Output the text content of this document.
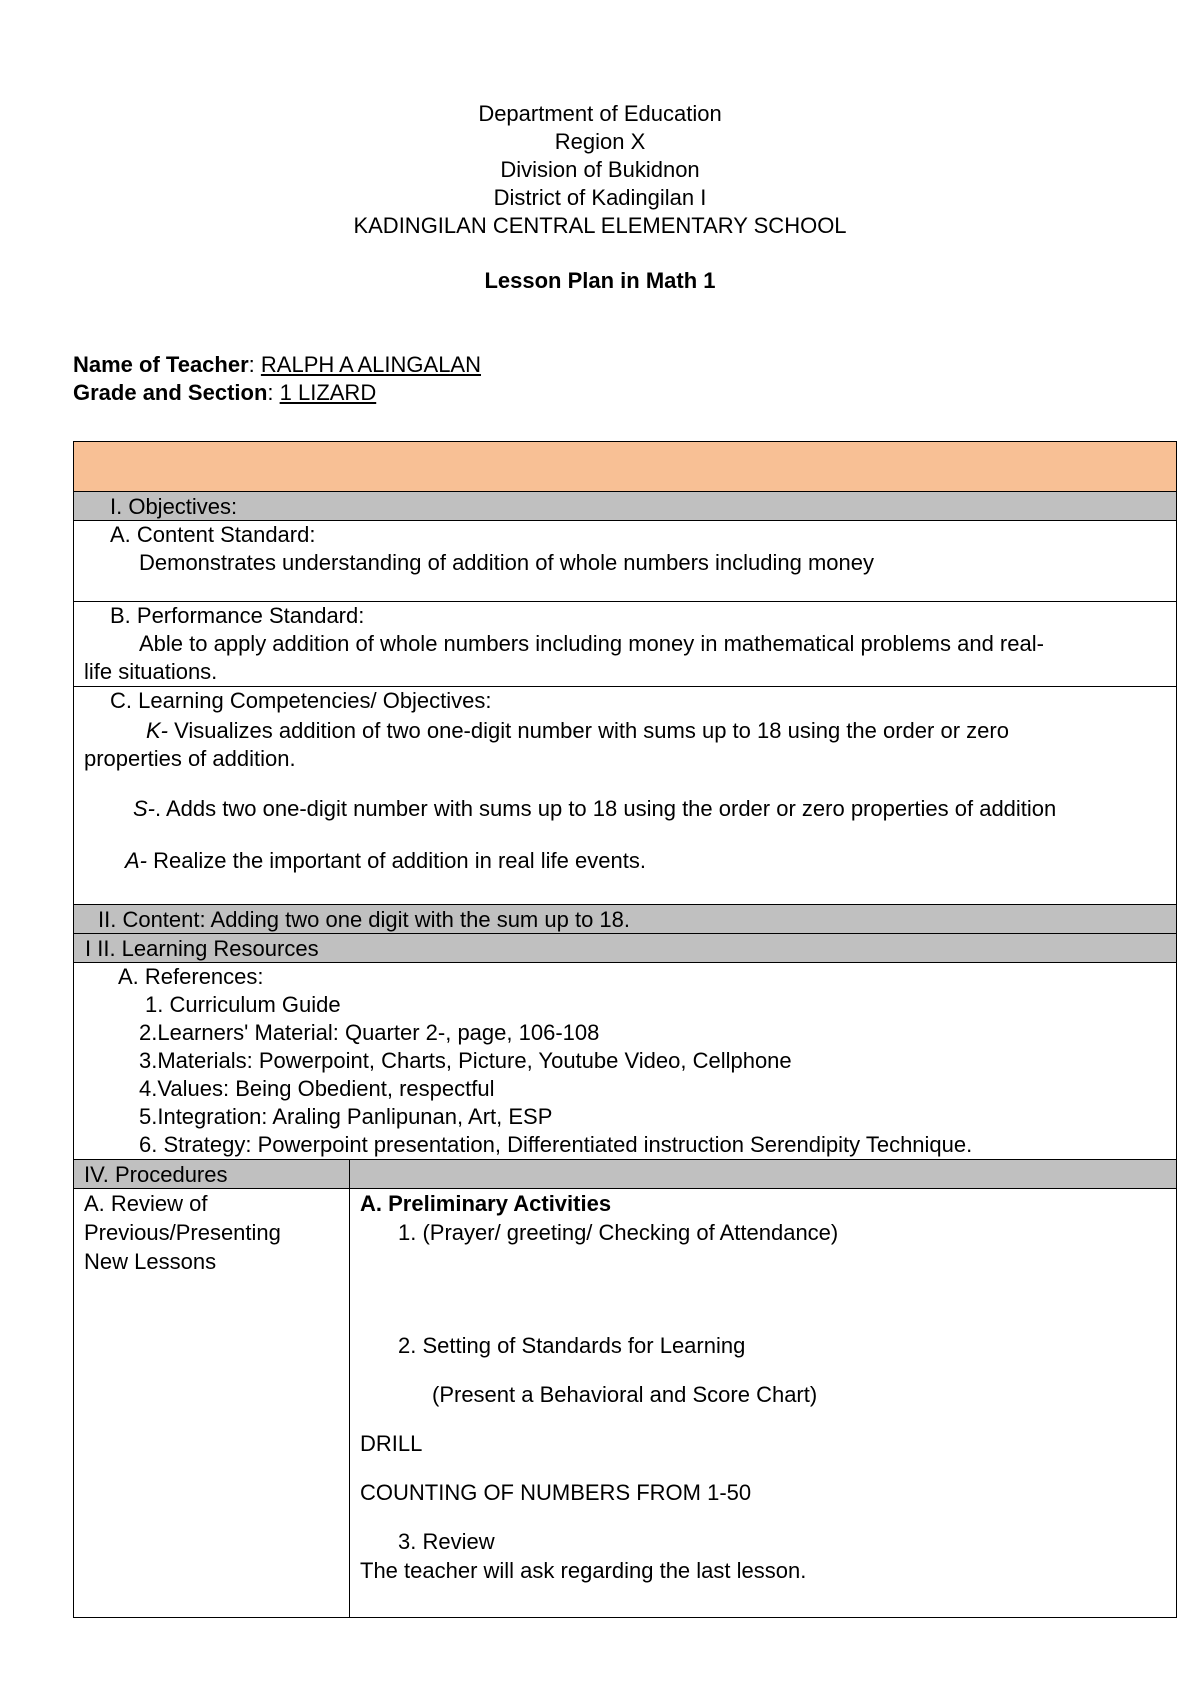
Department of Education
Region X
Division of Bukidnon
District of Kadingilan I
KADINGILAN CENTRAL ELEMENTARY SCHOOL
Lesson Plan in Math 1
Name of Teacher: RALPH A ALINGALAN
Grade and Section: 1 LIZARD
I. Objectives:
A. Content Standard:
Demonstrates understanding of addition of whole numbers including money
B. Performance Standard:
Able to apply addition of whole numbers including money in mathematical problems and real-
life situations.
C. Learning Competencies/ Objectives:
K- Visualizes addition of two one-digit number with sums up to 18 using the order or zero
properties of addition.
S-. Adds two one-digit number with sums up to 18 using the order or zero properties of addition
A- Realize the important of addition in real life events.
II. Content: Adding two one digit with the sum up to 18.
I II. Learning Resources
A. References:
1. Curriculum Guide
2.Learners' Material: Quarter 2-, page, 106-108
3.Materials: Powerpoint, Charts, Picture, Youtube Video, Cellphone
4.Values: Being Obedient, respectful
5.Integration: Araling Panlipunan, Art, ESP
6. Strategy: Powerpoint presentation, Differentiated instruction Serendipity Technique.
IV. Procedures
A. Review of
Previous/Presenting
New Lessons
A. Preliminary Activities
1. (Prayer/ greeting/ Checking of Attendance)
2. Setting of Standards for Learning
(Present a Behavioral and Score Chart)
DRILL
COUNTING OF NUMBERS FROM 1-50
3. Review
The teacher will ask regarding the last lesson.
